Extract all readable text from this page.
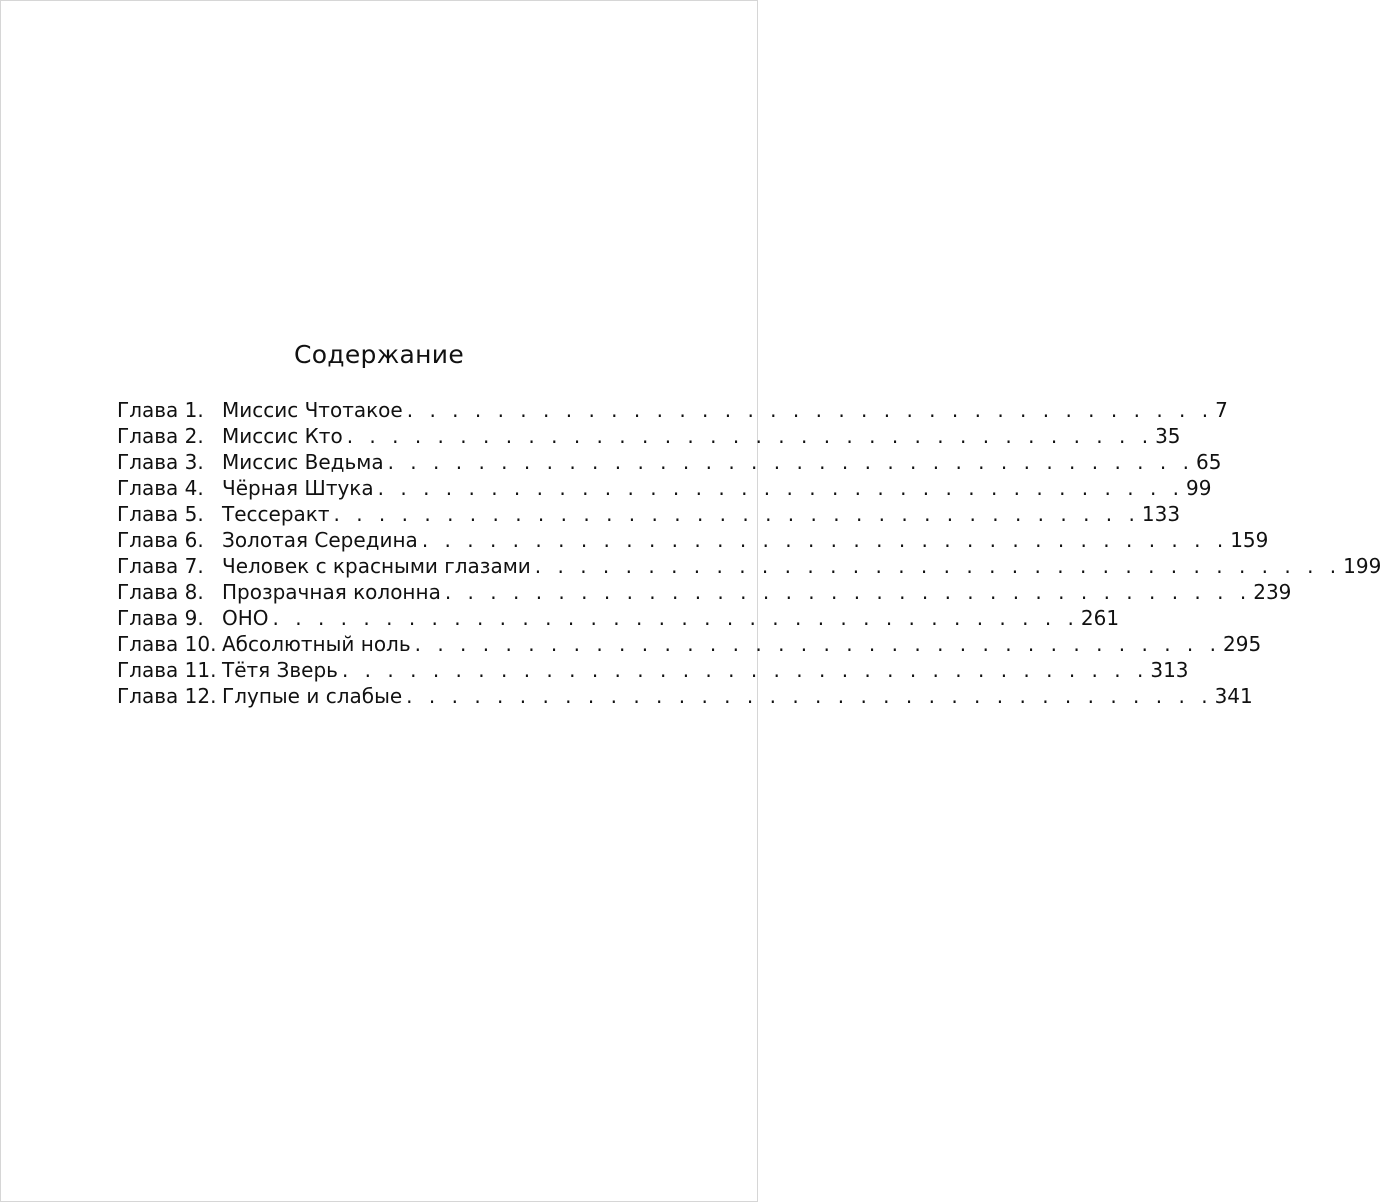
Содержание
Глава 1. Миссис Чтотакое . . . . . . . . . . . . . . . . . . . . . . . . . . . . . . . . . . . . 7
Глава 2. Миссис Кто . . . . . . . . . . . . . . . . . . . . . . . . . . . . . . . . . . . . 35
Глава 3. Миссис Ведьма . . . . . . . . . . . . . . . . . . . . . . . . . . . . . . . . . . . . 65
Глава 4. Чёрная Штука . . . . . . . . . . . . . . . . . . . . . . . . . . . . . . . . . . . . 99
Глава 5. Тессеракт . . . . . . . . . . . . . . . . . . . . . . . . . . . . . . . . . . . . 133
Глава 6. Золотая Середина . . . . . . . . . . . . . . . . . . . . . . . . . . . . . . . . . . . . 159
Глава 7. Человек с красными глазами . . . . . . . . . . . . . . . . . . . . . . . . . . . . . . . . . . . . 199
Глава 8. Прозрачная колонна . . . . . . . . . . . . . . . . . . . . . . . . . . . . . . . . . . . . 239
Глава 9. ОНО . . . . . . . . . . . . . . . . . . . . . . . . . . . . . . . . . . . . 261
Глава 10. Абсолютный ноль . . . . . . . . . . . . . . . . . . . . . . . . . . . . . . . . . . . . 295
Глава 11. Тётя Зверь . . . . . . . . . . . . . . . . . . . . . . . . . . . . . . . . . . . . 313
Глава 12. Глупые и слабые . . . . . . . . . . . . . . . . . . . . . . . . . . . . . . . . . . . . 341
